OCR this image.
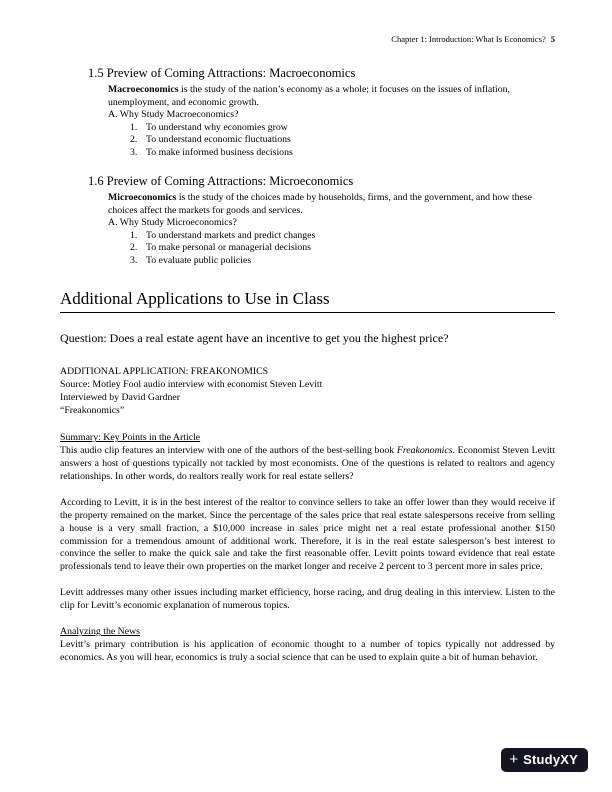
Chapter 1: Introduction: What Is Economics? 5
1.5 Preview of Coming Attractions: Macroeconomics

Macroeconomics is the study of the nation’s economy as a whole; it focuses on the issues of inflation, unemployment, and economic growth.

A. Why Study Macroeconomics?

1. To understand why economies grow
2. To understand economic fluctuations
3. To make informed business decisions
1.6 Preview of Coming Attractions: Microeconomics

Microeconomics is the study of the choices made by households, firms, and the government, and how these choices affect the markets for goods and services.

A. Why Study Microeconomics?

1. To understand markets and predict changes
2. To make personal or managerial decisions
3. To evaluate public policies
Additional Applications to Use in Class

Question: Does a real estate agent have an incentive to get you the highest price?

ADDITIONAL APPLICATION: FREAKONOMICS
Source: Motley Fool audio interview with economist Steven Levitt
Interviewed by David Gardner
“Freakonomics”

Summary: Key Points in the Article

This audio clip features an interview with one of the authors of the best-selling book Freakonomics. Economist Steven Levitt answers a host of questions typically not tackled by most economists. One of the questions is related to realtors and agency relationships. In other words, do realtors really work for real estate sellers?

According to Levitt, it is in the best interest of the realtor to convince sellers to take an offer lower than they would receive if the property remained on the market. Since the percentage of the sales price that real estate salespersons receive from selling a house is a very small fraction, a $10,000 increase in sales price might net a real estate professional another $150 commission for a tremendous amount of additional work. Therefore, it is in the real estate salesperson’s best interest to convince the seller to make the quick sale and take the first reasonable offer. Levitt points toward evidence that real estate professionals tend to leave their own properties on the market longer and receive 2 percent to 3 percent more in sales price.

Levitt addresses many other issues including market efficiency, horse racing, and drug dealing in this interview. Listen to the clip for Levitt’s economic explanation of numerous topics.

Analyzing the News

Levitt’s primary contribution is his application of economic thought to a number of topics typically not addressed by economics. As you will hear, economics is truly a social science that can be used to explain quite a bit of human behavior.

+ StudyXY
